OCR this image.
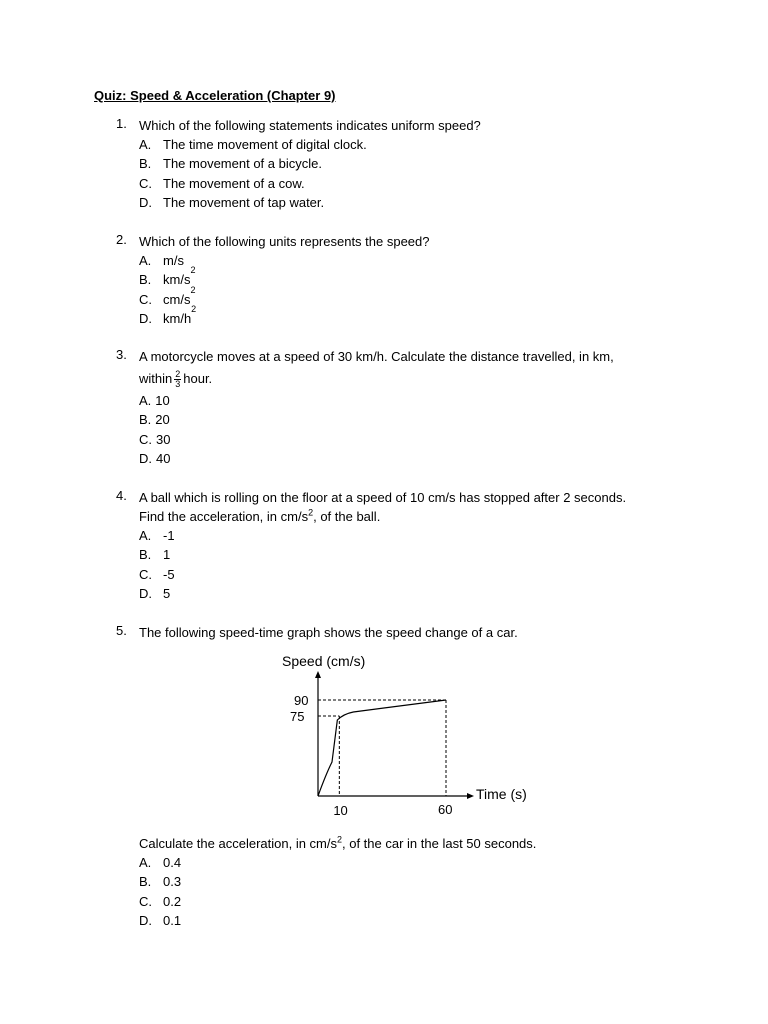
Quiz: Speed & Acceleration (Chapter 9)
1. Which of the following statements indicates uniform speed?
A. The time movement of digital clock.
B. The movement of a bicycle.
C. The movement of a cow.
D. The movement of tap water.
2. Which of the following units represents the speed?
A. m/s
B. km/s
2
C. cm/s
2
D. km/h
2
3. A motorcycle moves at a speed of 30 km/h. Calculate the distance travelled, in km,
within $\frac{2}{3}$ hour.
A. 10
B. 20
C. 30
D. 40
4. A ball which is rolling on the floor at a speed of 10 cm/s has stopped after 2 seconds.
Find the acceleration, in $cm/s^2$, of the ball.
A. -1
B. 1
C. -5
D. 5
5. The following speed-time graph shows the speed change of a car.
Speed (cm/s)
Time (s)
90
75
10	60
Calculate the acceleration, in $cm/s^2$, of the car in the last 50 seconds.
A. 0.4
B. 0.3
C. 0.2
D. 0.1
